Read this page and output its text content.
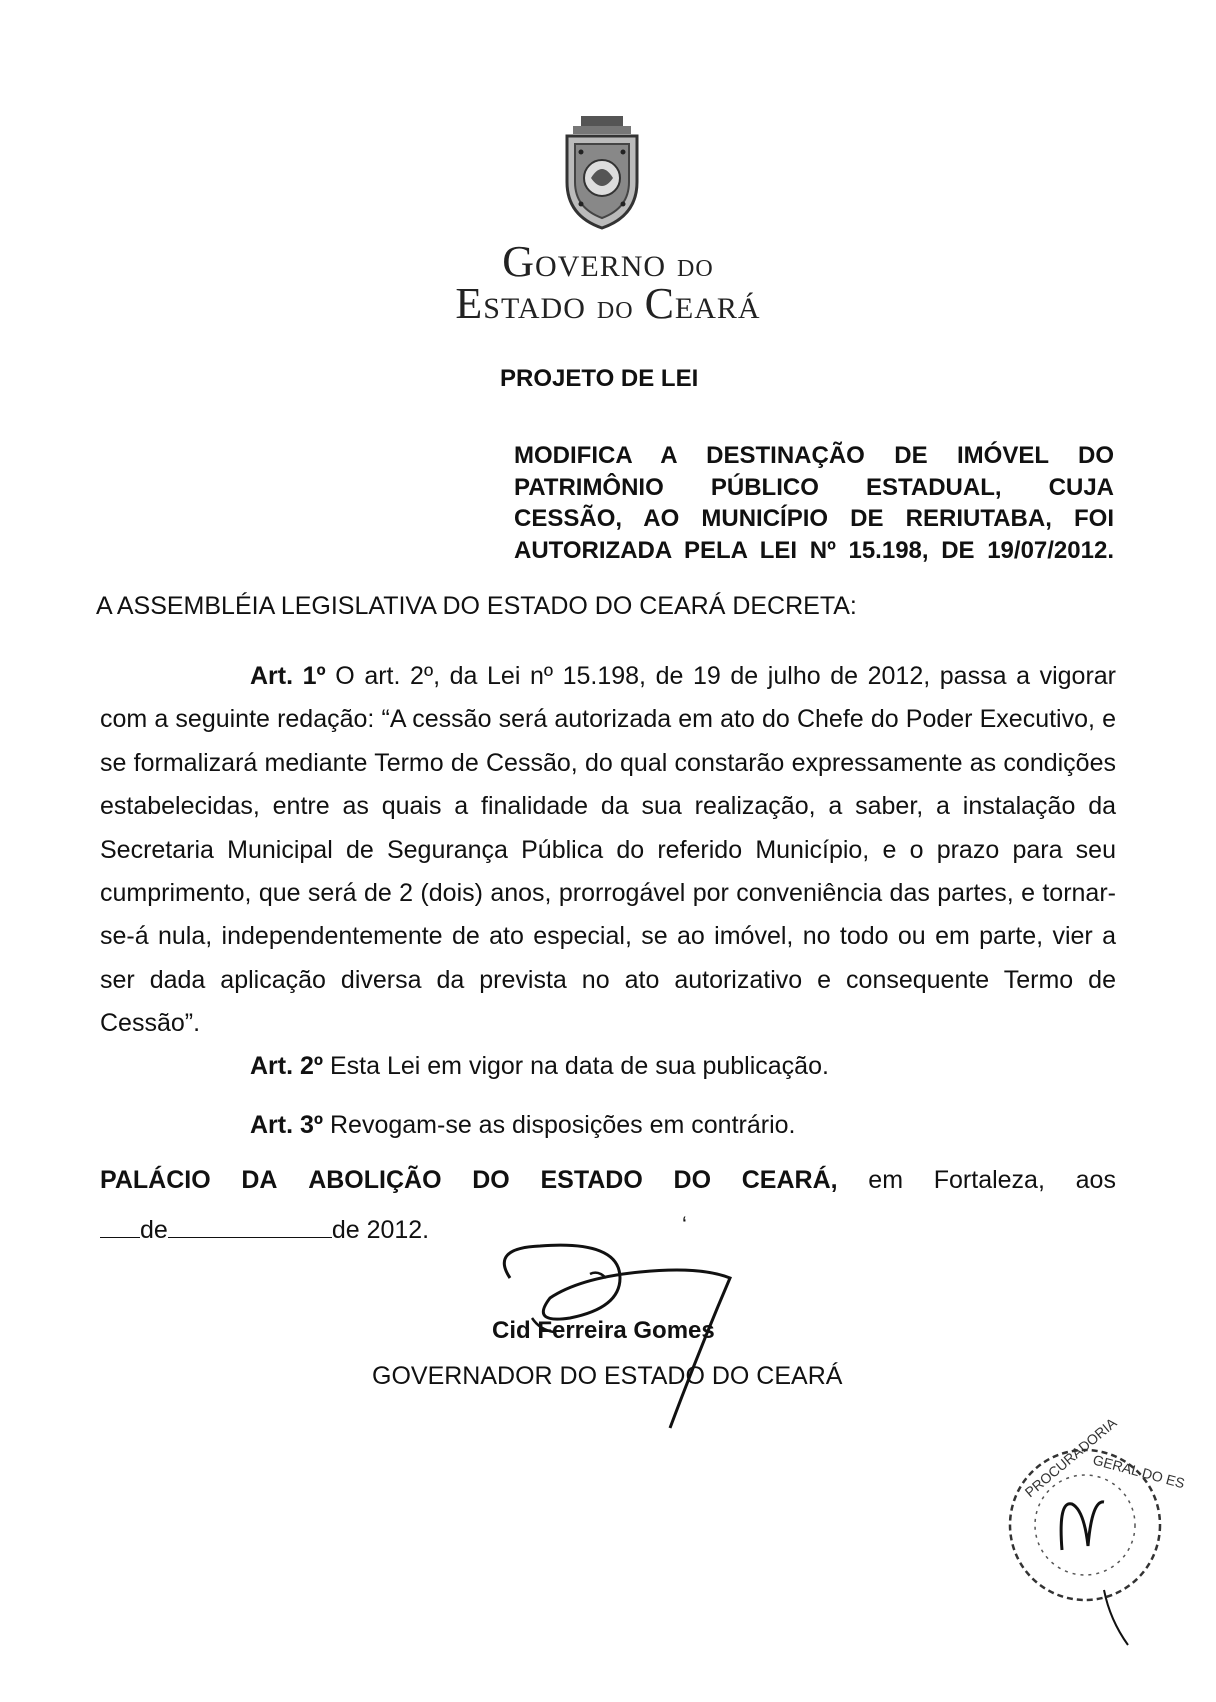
GOVERNO DO
ESTADO DO CEARÁ
PROJETO DE LEI
MODIFICA A DESTINAÇÃO DE IMÓVEL DO
PATRIMÔNIO PÚBLICO ESTADUAL, CUJA
CESSÃO, AO MUNICÍPIO DE RERIUTABA, FOI
AUTORIZADA PELA LEI Nº 15.198, DE 19/07/2012.
A ASSEMBLÉIA LEGISLATIVA DO ESTADO DO CEARÁ DECRETA:
Art. 1º O art. 2º, da Lei nº 15.198, de 19 de julho de 2012, passa a vigorar com a seguinte redação: “A cessão será autorizada em ato do Chefe do Poder Executivo, e se formalizará mediante Termo de Cessão, do qual constarão expressamente as condições estabelecidas, entre as quais a finalidade da sua realização, a saber, a instalação da Secretaria Municipal de Segurança Pública do referido Município, e o prazo para seu cumprimento, que será de 2 (dois) anos, prorrogável por conveniência das partes, e tornar-se-á nula, independentemente de ato especial, se ao imóvel, no todo ou em parte, vier a ser dada aplicação diversa da prevista no ato autorizativo e consequente Termo de Cessão”.
Art. 2º Esta Lei em vigor na data de sua publicação.
Art. 3º Revogam-se as disposições em contrário.
PALÁCIO DA ABOLIÇÃO DO ESTADO DO CEARÁ, em Fortaleza, aos
de	de 2012.	‘
Cid Ferreira Gomes
GOVERNADOR DO ESTADO DO CEARÁ
PROCURADORIA
GERAL DO ES
